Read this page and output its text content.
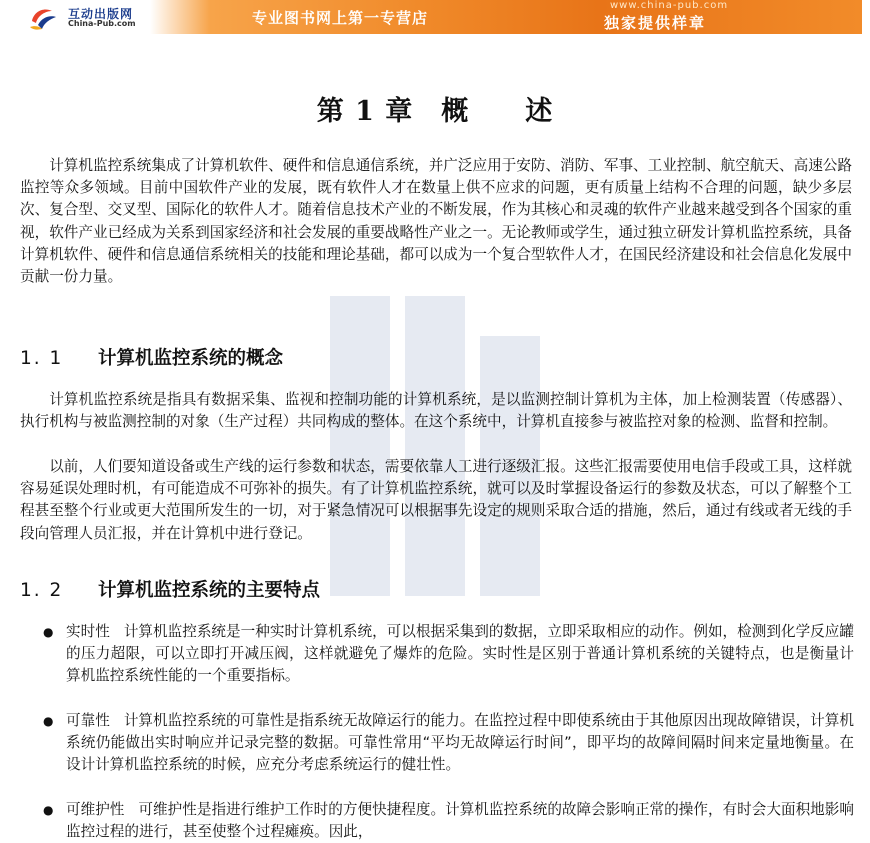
互动出版网
China-Pub.com	专业图书网上第一专营店
www.china-pub.com
独家提供样章
第 1 章　概　　述

计算机监控系统集成了计算机软件、硬件和信息通信系统，并广泛应用于安防、消防、军事、工业控制、航空航天、高速公路监控等众多领域。目前中国软件产业的发展，既有软件人才在数量上供不应求的问题，更有质量上结构不合理的问题，缺少多层次、复合型、交叉型、国际化的软件人才。随着信息技术产业的不断发展，作为其核心和灵魂的软件产业越来越受到各个国家的重视，软件产业已经成为关系到国家经济和社会发展的重要战略性产业之一。无论教师或学生，通过独立研发计算机监控系统，具备计算机软件、硬件和信息通信系统相关的技能和理论基础，都可以成为一个复合型软件人才，在国民经济建设和社会信息化发展中贡献一份力量。

1. 1 计算机监控系统的概念

计算机监控系统是指具有数据采集、监视和控制功能的计算机系统，是以监测控制计算机为主体，加上检测装置（传感器）、执行机构与被监测控制的对象（生产过程）共同构成的整体。在这个系统中，计算机直接参与被监控对象的检测、监督和控制。

以前，人们要知道设备或生产线的运行参数和状态，需要依靠人工进行逐级汇报。这些汇报需要使用电信手段或工具，这样就容易延误处理时机，有可能造成不可弥补的损失。有了计算机监控系统，就可以及时掌握设备运行的参数及状态，可以了解整个工程甚至整个行业或更大范围所发生的一切，对于紧急情况可以根据事先设定的规则采取合适的措施，然后，通过有线或者无线的手段向管理人员汇报，并在计算机中进行登记。

1. 2 计算机监控系统的主要特点
● 实时性 计算机监控系统是一种实时计算机系统，可以根据采集到的数据，立即采取相应的动作。例如，检测到化学反应罐的压力超限，可以立即打开减压阀，这样就避免了爆炸的危险。实时性是区别于普通计算机系统的关键特点，也是衡量计算机监控系统性能的一个重要指标。
● 可靠性 计算机监控系统的可靠性是指系统无故障运行的能力。在监控过程中即使系统由于其他原因出现故障错误，计算机系统仍能做出实时响应并记录完整的数据。可靠性常用“平均无故障运行时间”，即平均的故障间隔时间来定量地衡量。在设计计算机监控系统的时候，应充分考虑系统运行的健壮性。
● 可维护性 可维护性是指进行维护工作时的方便快捷程度。计算机监控系统的故障会影响正常的操作，有时会大面积地影响监控过程的进行，甚至使整个过程瘫痪。因此，
